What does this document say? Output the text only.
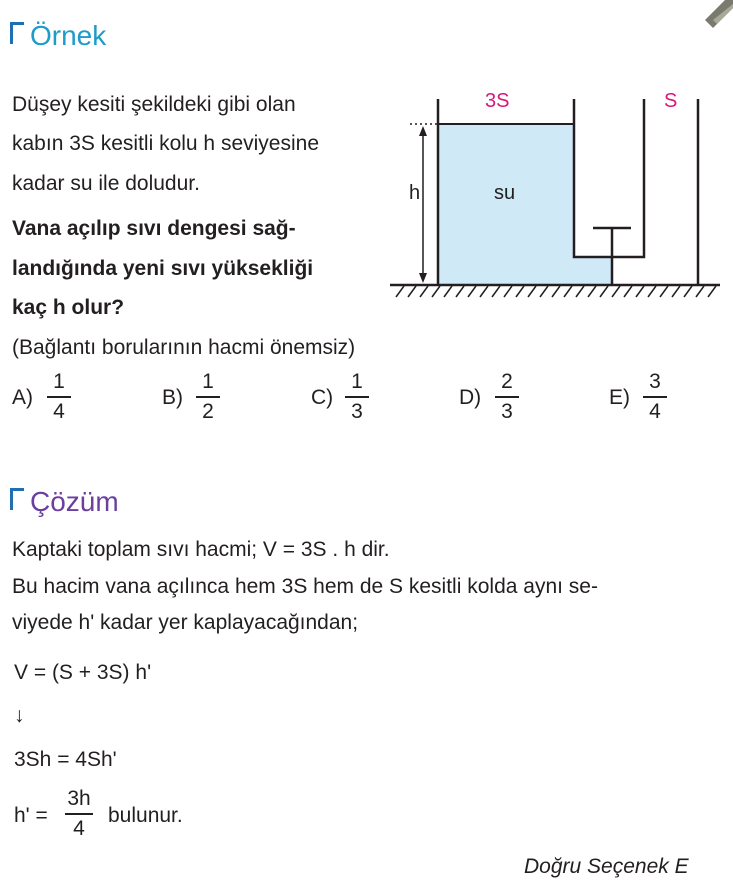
Örnek
Düşey kesiti şekildeki gibi olan
kabın 3S kesitli kolu h seviyesine
kadar su ile doludur.
Vana açılıp sıvı dengesi sağ-
landığında yeni sıvı yüksekliği
kaç h olur?
(Bağlantı borularının hacmi önemsiz)
A)
1
4
B)
1
2
C)
1
3
D)
2
3
E)
3
4
h	su
3S	S
Çözüm
Kaptaki toplam sıvı hacmi; V = 3S . h dir.
Bu hacim vana açılınca hem 3S hem de S kesitli kolda aynı se-
viyede h' kadar yer kaplayacağından;
V = (S + 3S) h'
↓
3Sh = 4Sh'
h' =
3h
4
bulunur.
Doğru Seçenek E
